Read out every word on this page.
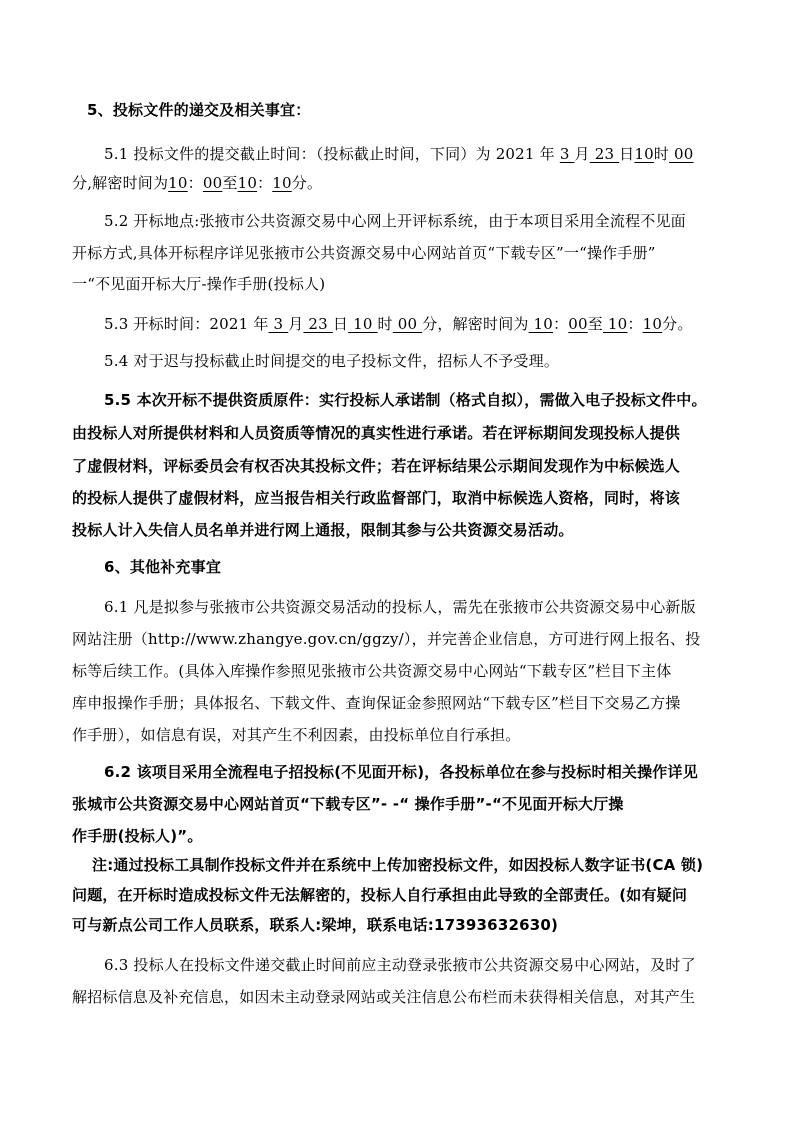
5、投标文件的递交及相关事宜：
5.1 投标文件的提交截止时间：（投标截止时间，下同）为 2021 年 3 月 23 日10时 00
分,解密时间为10：00至10：10分。
5.2 开标地点:张掖市公共资源交易中心网上开评标系统，由于本项目采用全流程不见面
开标方式,具体开标程序详见张掖市公共资源交易中心网站首页“下载专区”一“操作手册”
一“不见面开标大厅-操作手册(投标人)
5.3 开标时间：2021 年 3 月 23 日 10 时 00 分，解密时间为 10：00至 10：10分。
5.4 对于迟与投标截止时间提交的电子投标文件，招标人不予受理。
5.5 本次开标不提供资质原件：实行投标人承诺制（格式自拟），需做入电子投标文件中。
由投标人对所提供材料和人员资质等情况的真实性进行承诺。若在评标期间发现投标人提供
了虚假材料，评标委员会有权否决其投标文件；若在评标结果公示期间发现作为中标候选人
的投标人提供了虚假材料，应当报告相关行政监督部门，取消中标候选人资格，同时，将该
投标人计入失信人员名单并进行网上通报，限制其参与公共资源交易活动。
6、其他补充事宜
6.1 凡是拟参与张掖市公共资源交易活动的投标人，需先在张掖市公共资源交易中心新版
网站注册（http://www.zhangye.gov.cn/ggzy/），并完善企业信息，方可进行网上报名、投
标等后续工作。(具体入库操作参照见张掖市公共资源交易中心网站“下载专区”栏目下主体
库申报操作手册；具体报名、下载文件、查询保证金参照网站“下载专区”栏目下交易乙方操
作手册），如信息有误，对其产生不利因素，由投标单位自行承担。
6.2 该项目采用全流程电子招投标(不见面开标)，各投标单位在参与投标时相关操作详见
张城市公共资源交易中心网站首页“下载专区”- -“ 操作手册”-“不见面开标大厅操
作手册(投标人)”。
注:通过投标工具制作投标文件并在系统中上传加密投标文件，如因投标人数字证书(CA 锁)
问题，在开标时造成投标文件无法解密的，投标人自行承担由此导致的全部责任。(如有疑问
可与新点公司工作人员联系，联系人:梁坤，联系电话:17393632630)
6.3 投标人在投标文件递交截止时间前应主动登录张掖市公共资源交易中心网站，及时了
解招标信息及补充信息，如因未主动登录网站或关注信息公布栏而未获得相关信息，对其产生
